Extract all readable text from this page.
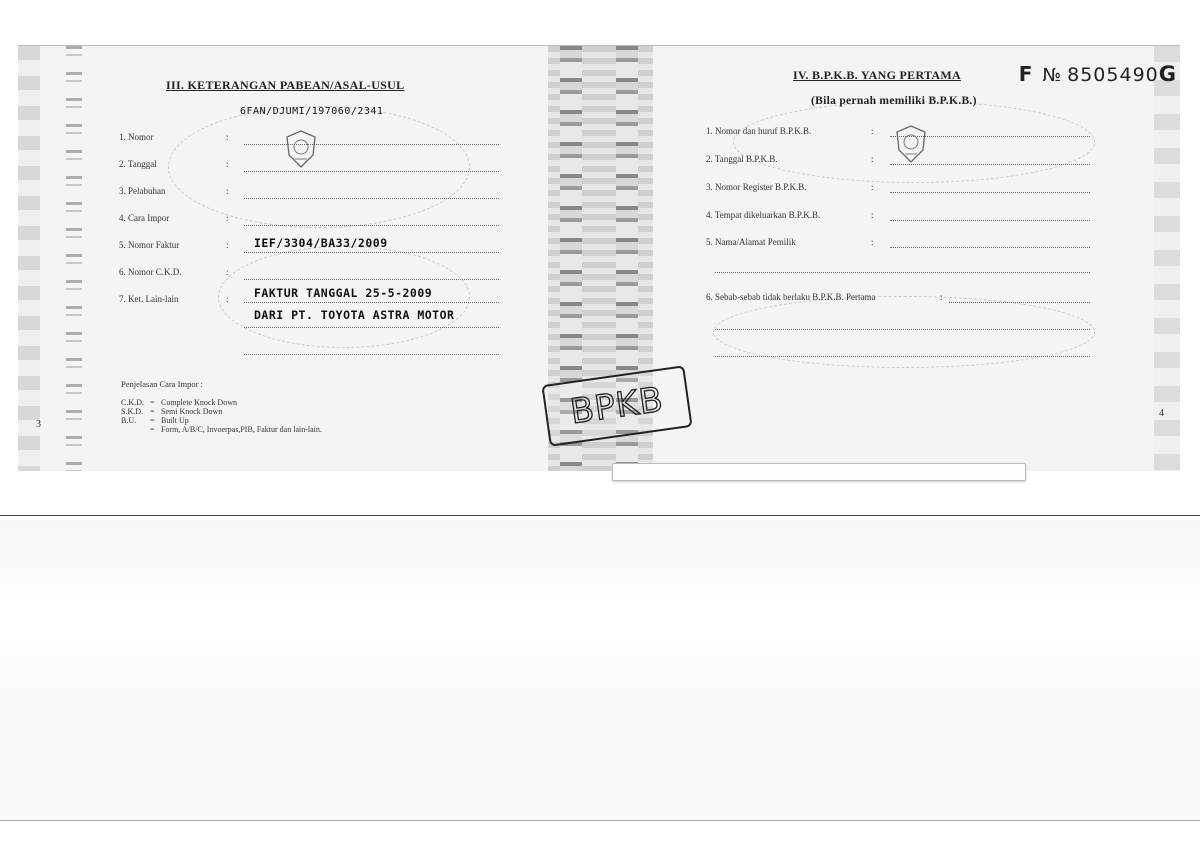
III. KETERANGAN PABEAN/ASAL-USUL
6FAN/DJUMI/197060/2341
1. Nomor	:
2. Tanggal	:
3. Pelabuhan	:
4. Cara Impor	:
5. Nomor Faktur	: IEF/3304/BA33/2009
6. Nomor C.K.D.	:
7. Ket. Lain-lain	: FAKTUR TANGGAL 25-5-2009
DARI PT. TOYOTA ASTRA MOTOR
Penjelasan Cara Impor :
C.K.D. = Complete Knock Down
S.K.D. = Semi Knock Down
B.U. = Built Up
= Form, A/B/C, Invoerpas,PIB, Faktur dan lain-lain.
3
IV. B.P.K.B. YANG PERTAMA	F № 8505490G
(Bila pernah memiliki B.P.K.B.)
1. Nomor dan huruf B.P.K.B.	:
2. Tanggal B.P.K.B.	:
3. Nomor Register B.P.K.B.	:
4. Tempat dikeluarkan B.P.K.B.	:
5. Nama/Alamat Pemilik	:
6. Sebab-sebab tidak berlaku B.P.K.B. Pertama	:
4
BPKB
